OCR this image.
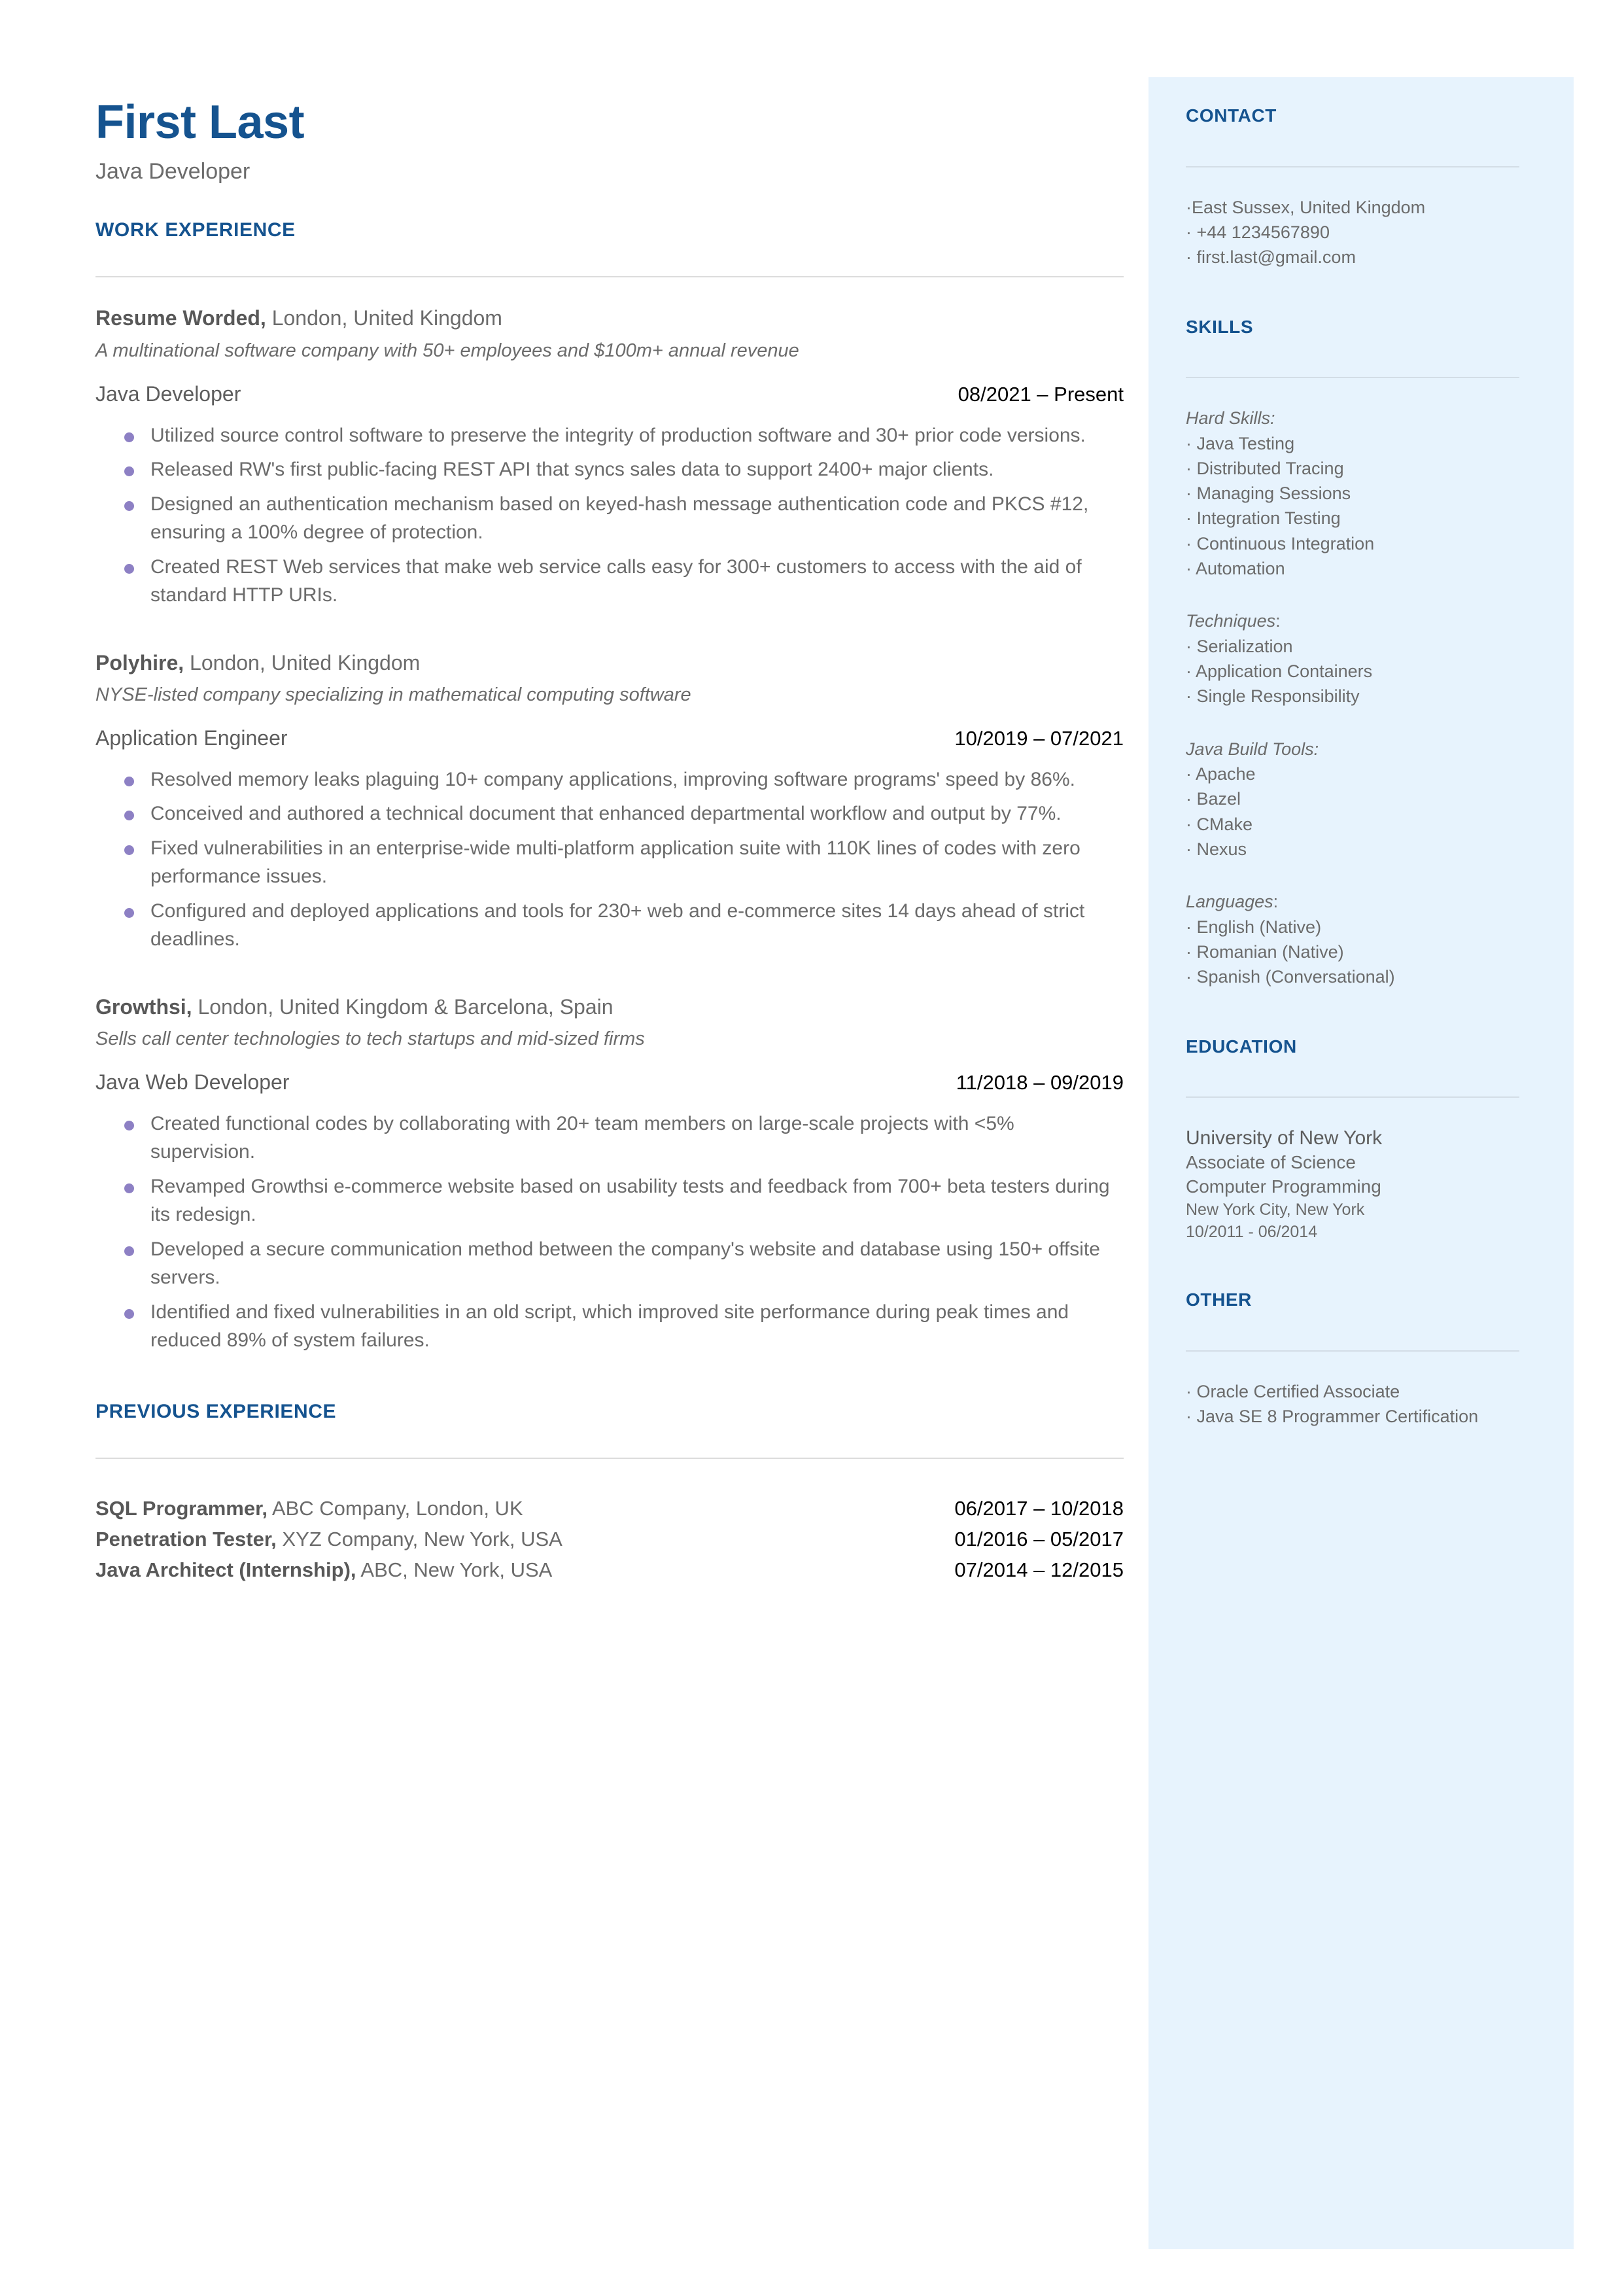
CONTACT
·East Sussex, United Kingdom
· +44 1234567890
· first.last@gmail.com
SKILLS
Hard Skills:
· Java Testing
· Distributed Tracing
· Managing Sessions
· Integration Testing
· Continuous Integration
· Automation
Techniques:
· Serialization
· Application Containers
· Single Responsibility
Java Build Tools:
· Apache
· Bazel
· CMake
· Nexus
Languages:
· English (Native)
· Romanian (Native)
· Spanish (Conversational)
EDUCATION
University of New York
Associate of Science
Computer Programming
New York City, New York
10/2011 - 06/2014
OTHER
· Oracle Certified Associate
· Java SE 8 Programmer Certification
First Last
Java Developer
WORK EXPERIENCE
Resume Worded, London, United Kingdom
A multinational software company with 50+ employees and $100m+ annual revenue
Java Developer	08/2021 – Present
Utilized source control software to preserve the integrity of production software and 30+ prior code versions.
Released RW's first public-facing REST API that syncs sales data to support 2400+ major clients.
Designed an authentication mechanism based on keyed-hash message authentication code and PKCS #12, ensuring a 100% degree of protection.
Created REST Web services that make web service calls easy for 300+ customers to access with the aid of standard HTTP URIs.
Polyhire, London, United Kingdom
NYSE-listed company specializing in mathematical computing software
Application Engineer	10/2019 – 07/2021
Resolved memory leaks plaguing 10+ company applications, improving software programs' speed by 86%.
Conceived and authored a technical document that enhanced departmental workflow and output by 77%.
Fixed vulnerabilities in an enterprise-wide multi-platform application suite with 110K lines of codes with zero performance issues.
Configured and deployed applications and tools for 230+ web and e-commerce sites 14 days ahead of strict deadlines.
Growthsi, London, United Kingdom & Barcelona, Spain
Sells call center technologies to tech startups and mid-sized firms
Java Web Developer	11/2018 – 09/2019
Created functional codes by collaborating with 20+ team members on large-scale projects with <5% supervision.
Revamped Growthsi e-commerce website based on usability tests and feedback from 700+ beta testers during its redesign.
Developed a secure communication method between the company's website and database using 150+ offsite servers.
Identified and fixed vulnerabilities in an old script, which improved site performance during peak times and reduced 89% of system failures.
PREVIOUS EXPERIENCE
SQL Programmer, ABC Company, London, UK	06/2017 – 10/2018
Penetration Tester, XYZ Company, New York, USA	01/2016 – 05/2017
Java Architect (Internship), ABC, New York, USA	07/2014 – 12/2015
